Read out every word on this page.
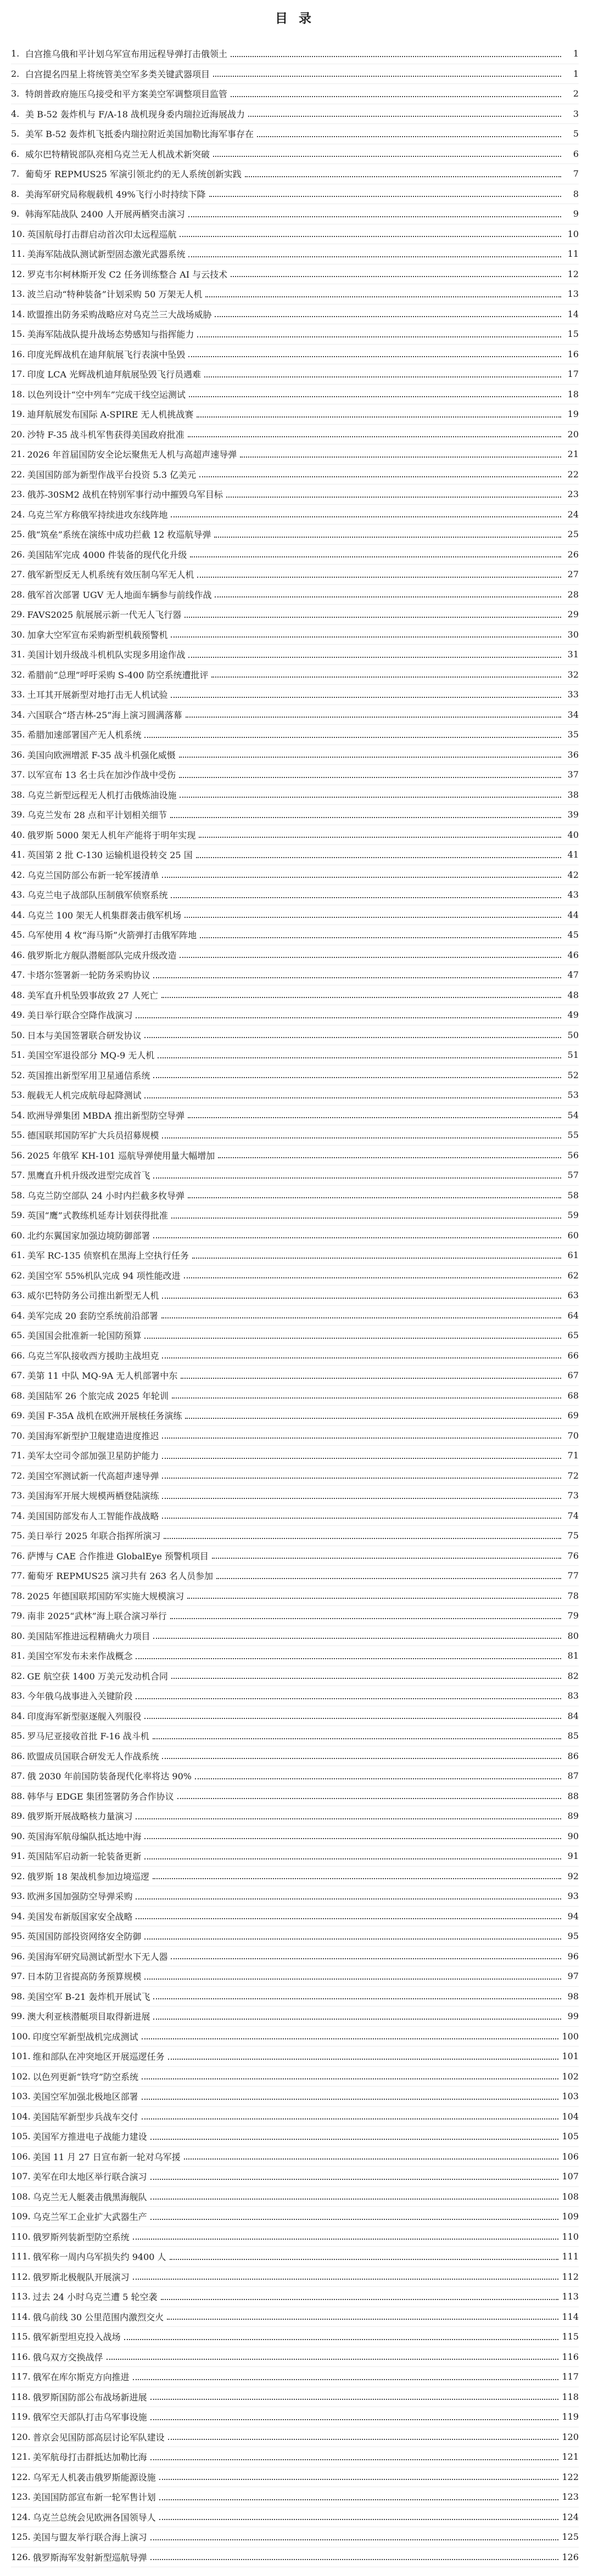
目 录
1. 白宫推乌俄和平计划乌军宣布用远程导弹打击俄领土	1
2. 白宫提名四星上将统管美空军多类关键武器项目	1
3. 特朗普政府施压乌接受和平方案美空军调整项目监管	2
4. 美 B-52 轰炸机与 F/A-18 战机现身委内瑞拉近海展战力	3
5. 美军 B-52 轰炸机飞抵委内瑞拉附近美国加勒比海军事存在	5
6. 威尔巴特精锐部队亮相乌克兰无人机战术新突破	6
7. 葡萄牙 REPMUS25 军演引领北约的无人系统创新实践	7
8. 美海军研究局称舰载机 49%飞行小时持续下降	8
9. 韩海军陆战队 2400 人开展两栖突击演习	9
10. 英国航母打击群启动首次印太远程巡航	10
11. 美海军陆战队测试新型固态激光武器系统	11
12. 罗克韦尔柯林斯开发 C2 任务训练整合 AI 与云技术	12
13. 波兰启动“特种装备”计划采购 50 万架无人机	13
14. 欧盟推出防务采购战略应对乌克兰三大战场威胁	14
15. 美海军陆战队提升战场态势感知与指挥能力	15
16. 印度光辉战机在迪拜航展飞行表演中坠毁	16
17. 印度 LCA 光辉战机迪拜航展坠毁飞行员遇难	17
18. 以色列设计“空中列车”完成干线空运测试	18
19. 迪拜航展发布国际 A-SPIRE 无人机挑战赛	19
20. 沙特 F-35 战斗机军售获得美国政府批准	20
21. 2026 年首届国防安全论坛聚焦无人机与高超声速导弹	21
22. 美国国防部为新型作战平台投资 5.3 亿美元	22
23. 俄苏-30SM2 战机在特别军事行动中摧毁乌军目标	23
24. 乌克兰军方称俄军持续进攻东线阵地	24
25. 俄“筑垒”系统在演练中成功拦截 12 枚巡航导弹	25
26. 美国陆军完成 4000 件装备的现代化升级	26
27. 俄军新型反无人机系统有效压制乌军无人机	27
28. 俄军首次部署 UGV 无人地面车辆参与前线作战	28
29. FAVS2025 航展展示新一代无人飞行器	29
30. 加拿大空军宣布采购新型机载预警机	30
31. 美国计划升级战斗机机队实现多用途作战	31
32. 希腊前“总理”呼吁采购 S-400 防空系统遭批评	32
33. 土耳其开展新型对地打击无人机试验	33
34. 六国联合“塔吉林-25”海上演习圆满落幕	34
35. 希腊加速部署国产无人机系统	35
36. 美国向欧洲增派 F-35 战斗机强化威慑	36
37. 以军宣布 13 名士兵在加沙作战中受伤	37
38. 乌克兰新型远程无人机打击俄炼油设施	38
39. 乌克兰发布 28 点和平计划相关细节	39
40. 俄罗斯 5000 架无人机年产能将于明年实现	40
41. 英国第 2 批 C-130 运输机退役转交 25 国	41
42. 乌克兰国防部公布新一轮军援清单	42
43. 乌克兰电子战部队压制俄军侦察系统	43
44. 乌克兰 100 架无人机集群袭击俄军机场	44
45. 乌军使用 4 枚“海马斯”火箭弹打击俄军阵地	45
46. 俄罗斯北方舰队潜艇部队完成升级改造	46
47. 卡塔尔签署新一轮防务采购协议	47
48. 美军直升机坠毁事故致 27 人死亡	48
49. 美日举行联合空降作战演习	49
50. 日本与美国签署联合研发协议	50
51. 美国空军退役部分 MQ-9 无人机	51
52. 英国推出新型军用卫星通信系统	52
53. 舰载无人机完成航母起降测试	53
54. 欧洲导弹集团 MBDA 推出新型防空导弹	54
55. 德国联邦国防军扩大兵员招募规模	55
56. 2025 年俄军 KH-101 巡航导弹使用量大幅增加	56
57. 黑鹰直升机升级改进型完成首飞	57
58. 乌克兰防空部队 24 小时内拦截多枚导弹	58
59. 英国“鹰”式教练机延寿计划获得批准	59
60. 北约东翼国家加强边境防御部署	60
61. 美军 RC-135 侦察机在黑海上空执行任务	61
62. 美国空军 55%机队完成 94 项性能改进	62
63. 威尔巴特防务公司推出新型无人机	63
64. 美军完成 20 套防空系统前沿部署	64
65. 美国国会批准新一轮国防预算	65
66. 乌克兰军队接收西方援助主战坦克	66
67. 美第 11 中队 MQ-9A 无人机部署中东	67
68. 美国陆军 26 个旅完成 2025 年轮训	68
69. 美国 F-35A 战机在欧洲开展核任务演练	69
70. 美国海军新型护卫舰建造进度推迟	70
71. 美军太空司令部加强卫星防护能力	71
72. 美国空军测试新一代高超声速导弹	72
73. 美国海军开展大规模两栖登陆演练	73
74. 美国国防部发布人工智能作战战略	74
75. 美日举行 2025 年联合指挥所演习	75
76. 萨博与 CAE 合作推进 GlobalEye 预警机项目	76
77. 葡萄牙 REPMUS25 演习共有 263 名人员参加	77
78. 2025 年德国联邦国防军实施大规模演习	78
79. 南非 2025“武林”海上联合演习举行	79
80. 美国陆军推进远程精确火力项目	80
81. 美国空军发布未来作战概念	81
82. GE 航空获 1400 万美元发动机合同	82
83. 今年俄乌战事进入关键阶段	83
84. 印度海军新型驱逐舰入列服役	84
85. 罗马尼亚接收首批 F-16 战斗机	85
86. 欧盟成员国联合研发无人作战系统	86
87. 俄 2030 年前国防装备现代化率将达 90%	87
88. 韩华与 EDGE 集团签署防务合作协议	88
89. 俄罗斯开展战略核力量演习	89
90. 英国海军航母编队抵达地中海	90
91. 英国陆军启动新一轮装备更新	91
92. 俄罗斯 18 架战机参加边境巡逻	92
93. 欧洲多国加强防空导弹采购	93
94. 美国发布新版国家安全战略	94
95. 英国国防部投资网络安全防御	95
96. 美国海军研究局测试新型水下无人器	96
97. 日本防卫省提高防务预算规模	97
98. 美国空军 B-21 轰炸机开展试飞	98
99. 澳大利亚核潜艇项目取得新进展	99
100. 印度空军新型战机完成测试	100
101. 维和部队在冲突地区开展巡逻任务	101
102. 以色列更新“铁穹”防空系统	102
103. 美国空军加强北极地区部署	103
104. 美国陆军新型步兵战车交付	104
105. 美国军方推进电子战能力建设	105
106. 美国 11 月 27 日宣布新一轮对乌军援	106
107. 美军在印太地区举行联合演习	107
108. 乌克兰无人艇袭击俄黑海舰队	108
109. 乌克兰军工企业扩大武器生产	109
110. 俄罗斯列装新型防空系统	110
111. 俄军称一周内乌军损失约 9400 人	111
112. 俄罗斯北极舰队开展演习	112
113. 过去 24 小时乌克兰遭 5 轮空袭	113
114. 俄乌前线 30 公里范围内激烈交火	114
115. 俄军新型坦克投入战场	115
116. 俄乌双方交换战俘	116
117. 俄军在库尔斯克方向推进	117
118. 俄罗斯国防部公布战场新进展	118
119. 俄军空天部队打击乌军事设施	119
120. 普京会见国防部高层讨论军队建设	120
121. 美军航母打击群抵达加勒比海	121
122. 乌军无人机袭击俄罗斯能源设施	122
123. 美国国防部宣布新一轮军售计划	123
124. 乌克兰总统会见欧洲各国领导人	124
125. 美国与盟友举行联合海上演习	125
126. 俄罗斯海军发射新型巡航导弹	126
